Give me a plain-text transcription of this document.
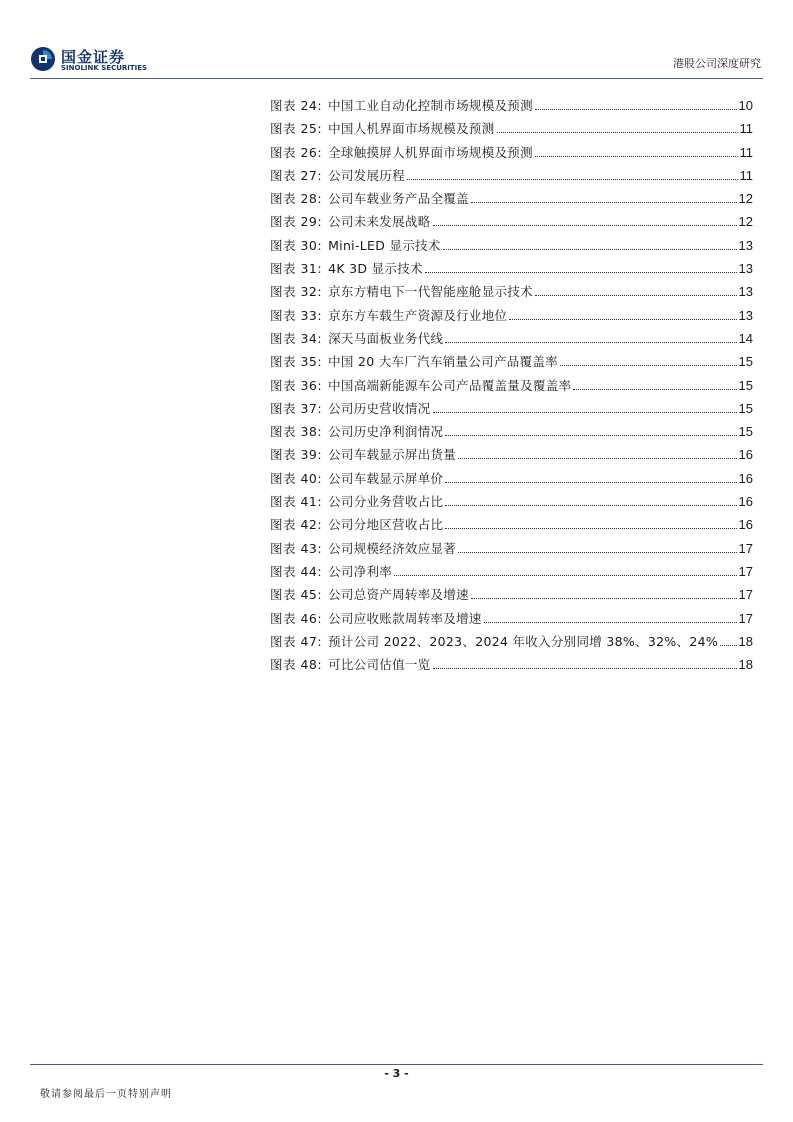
国金证券
SINOLINK SECURITIES	港股公司深度研究
图表 24: 中国工业自动化控制市场规模及预测	10
图表 25: 中国人机界面市场规模及预测	11
图表 26: 全球触摸屏人机界面市场规模及预测	11
图表 27: 公司发展历程	11
图表 28: 公司车载业务产品全覆盖	12
图表 29: 公司未来发展战略	12
图表 30: Mini-LED 显示技术	13
图表 31: 4K 3D 显示技术	13
图表 32: 京东方精电下一代智能座舱显示技术	13
图表 33: 京东方车载生产资源及行业地位	13
图表 34: 深天马面板业务代线	14
图表 35: 中国 20 大车厂汽车销量公司产品覆盖率	15
图表 36: 中国高端新能源车公司产品覆盖量及覆盖率	15
图表 37: 公司历史营收情况	15
图表 38: 公司历史净利润情况	15
图表 39: 公司车载显示屏出货量	16
图表 40: 公司车载显示屏单价	16
图表 41: 公司分业务营收占比	16
图表 42: 公司分地区营收占比	16
图表 43: 公司规模经济效应显著	17
图表 44: 公司净利率	17
图表 45: 公司总资产周转率及增速	17
图表 46: 公司应收账款周转率及增速	17
图表 47: 预计公司 2022、2023、2024 年收入分别同增 38%、32%、24% 18
图表 48: 可比公司估值一览	18
- 3 -
敬请参阅最后一页特别声明
